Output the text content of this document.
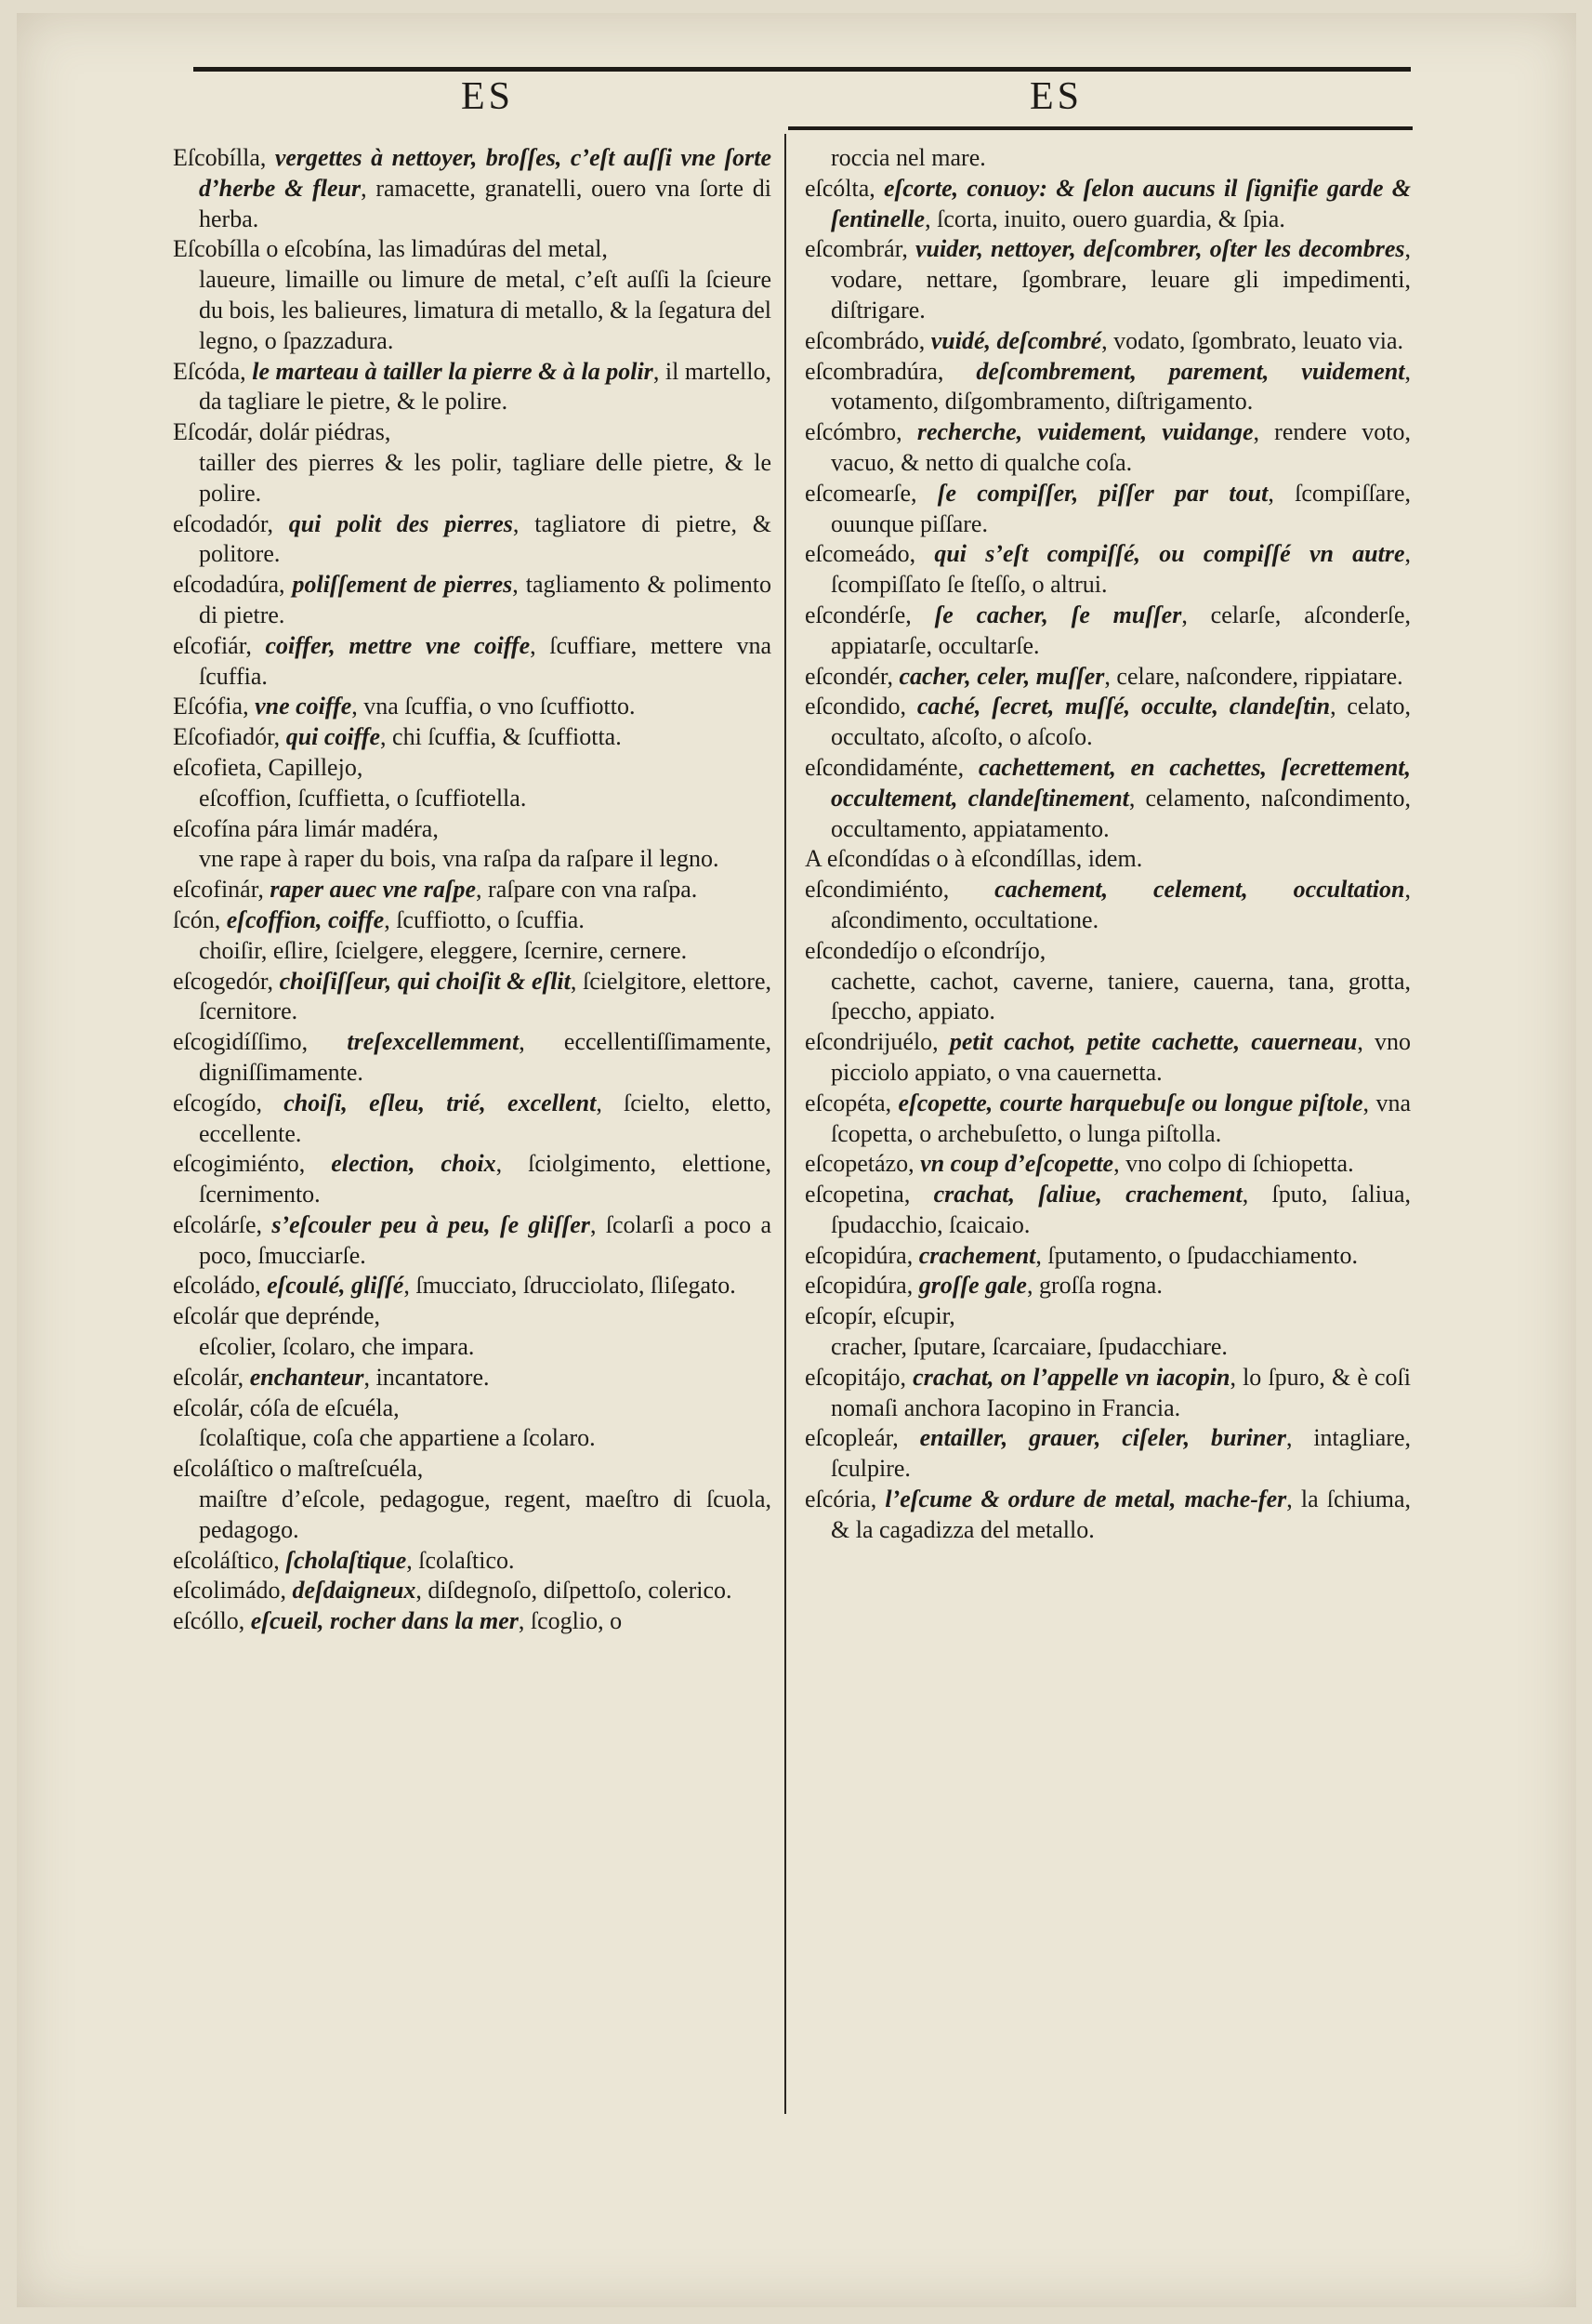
ES	ES

Eſcobílla, vergettes à nettoyer, broſſes, c’eſt auſſi vne ſorte d’herbe & fleur, ramacette, granatelli, ouero vna ſorte di herba.

Eſcobílla o eſcobína, las limadúras del metal,

laueure, limaille ou limure de metal, c’eſt auſſi la ſcieure du bois, les balieures, limatura di metallo, & la ſegatura del legno, o ſpazzadura.

Eſcóda, le marteau à tailler la pierre & à la polir, il martello, da tagliare le pietre, & le polire.

Eſcodár, dolár piédras,

tailler des pierres & les polir, tagliare delle pietre, & le polire.

eſcodadór, qui polit des pierres, tagliatore di pietre, & politore.

eſcodadúra, poliſſement de pierres, tagliamento & polimento di pietre.

eſcofiár, coiffer, mettre vne coiffe, ſcuffiare, mettere vna ſcuffia.

Eſcófia, vne coiffe, vna ſcuffia, o vno ſcuffiotto.

Eſcofiadór, qui coiffe, chi ſcuffia, & ſcuffiotta.

eſcofieta, Capillejo,

eſcoffion, ſcuffietta, o ſcuffiotella.

eſcofína pára limár madéra,

vne rape à raper du bois, vna raſpa da raſpare il legno.

eſcofinár, raper auec vne raſpe, raſpare con vna raſpa.

ſcón, eſcoffion, coiffe, ſcuffiotto, o ſcuffia.

choiſir, eſlire, ſcielgere, eleggere, ſcernire, cernere.

eſcogedór, choiſiſſeur, qui choiſit & eſlit, ſcielgitore, elettore, ſcernitore.

eſcogidíſſimo, treſexcellemment, eccellentiſſimamente, digniſſimamente.

eſcogído, choiſi, eſleu, trié, excellent, ſcielto, eletto, eccellente.

eſcogimiénto, election, choix, ſciolgimento, elettione, ſcernimento.

eſcolárſe, s’eſcouler peu à peu, ſe gliſſer, ſcolarſi a poco a poco, ſmucciarſe.

eſcoládo, eſcoulé, gliſſé, ſmucciato, ſdrucciolato, ſliſegato.

eſcolár que deprénde,

eſcolier, ſcolaro, che impara.

eſcolár, enchanteur, incantatore.

eſcolár, cóſa de eſcuéla,

ſcolaſtique, coſa che appartiene a ſcolaro.

eſcoláſtico o maſtreſcuéla,

maiſtre d’eſcole, pedagogue, regent, maeſtro di ſcuola, pedagogo.

eſcoláſtico, ſcholaſtique, ſcolaſtico.

eſcolimádo, deſdaigneux, diſdegnoſo, diſpettoſo, colerico.

eſcóllo, eſcueil, rocher dans la mer, ſcoglio, o

roccia nel mare.

eſcólta, eſcorte, conuoy: & ſelon aucuns il ſignifie garde & ſentinelle, ſcorta, inuito, ouero guardia, & ſpia.

eſcombrár, vuider, nettoyer, deſcombrer, oſter les decombres, vodare, nettare, ſgombrare, leuare gli impedimenti, diſtrigare.

eſcombrádo, vuidé, deſcombré, vodato, ſgombrato, leuato via.

eſcombradúra, deſcombrement, parement, vuidement, votamento, diſgombramento, diſtrigamento.

eſcómbro, recherche, vuidement, vuidange, rendere voto, vacuo, & netto di qualche coſa.

eſcomearſe, ſe compiſſer, piſſer par tout, ſcompiſſare, ouunque piſſare.

eſcomeádo, qui s’eſt compiſſé, ou compiſſé vn autre, ſcompiſſato ſe ſteſſo, o altrui.

eſcondérſe, ſe cacher, ſe muſſer, celarſe, aſconderſe, appiatarſe, occultarſe.

eſcondér, cacher, celer, muſſer, celare, naſcondere, rippiatare.

eſcondido, caché, ſecret, muſſé, occulte, clandeſtin, celato, occultato, aſcoſto, o aſcoſo.

eſcondidaménte, cachettement, en cachettes, ſecrettement, occultement, clandeſtinement, celamento, naſcondimento, occultamento, appiatamento.

A eſcondídas o à eſcondíllas, idem.

eſcondimiénto, cachement, celement, occultation, aſcondimento, occultatione.

eſcondedíjo o eſcondríjo,

cachette, cachot, caverne, taniere, cauerna, tana, grotta, ſpeccho, appiato.

eſcondrijuélo, petit cachot, petite cachette, cauerneau, vno picciolo appiato, o vna cauernetta.

eſcopéta, eſcopette, courte harquebuſe ou longue piſtole, vna ſcopetta, o archebuſetto, o lunga piſtolla.

eſcopetázo, vn coup d’eſcopette, vno colpo di ſchiopetta.

eſcopetina, crachat, ſaliue, crachement, ſputo, ſaliua, ſpudacchio, ſcaicaio.

eſcopidúra, crachement, ſputamento, o ſpudacchiamento.

eſcopidúra, groſſe gale, groſſa rogna.

eſcopír, eſcupir,

cracher, ſputare, ſcarcaiare, ſpudacchiare.

eſcopitájo, crachat, on l’appelle vn iacopin, lo ſpuro, & è coſi nomaſi anchora Iacopino in Francia.

eſcopleár, entailler, grauer, ciſeler, buriner, intagliare, ſculpire.

eſcória, l’eſcume & ordure de metal, mache-fer, la ſchiuma, & la cagadizza del metallo.
